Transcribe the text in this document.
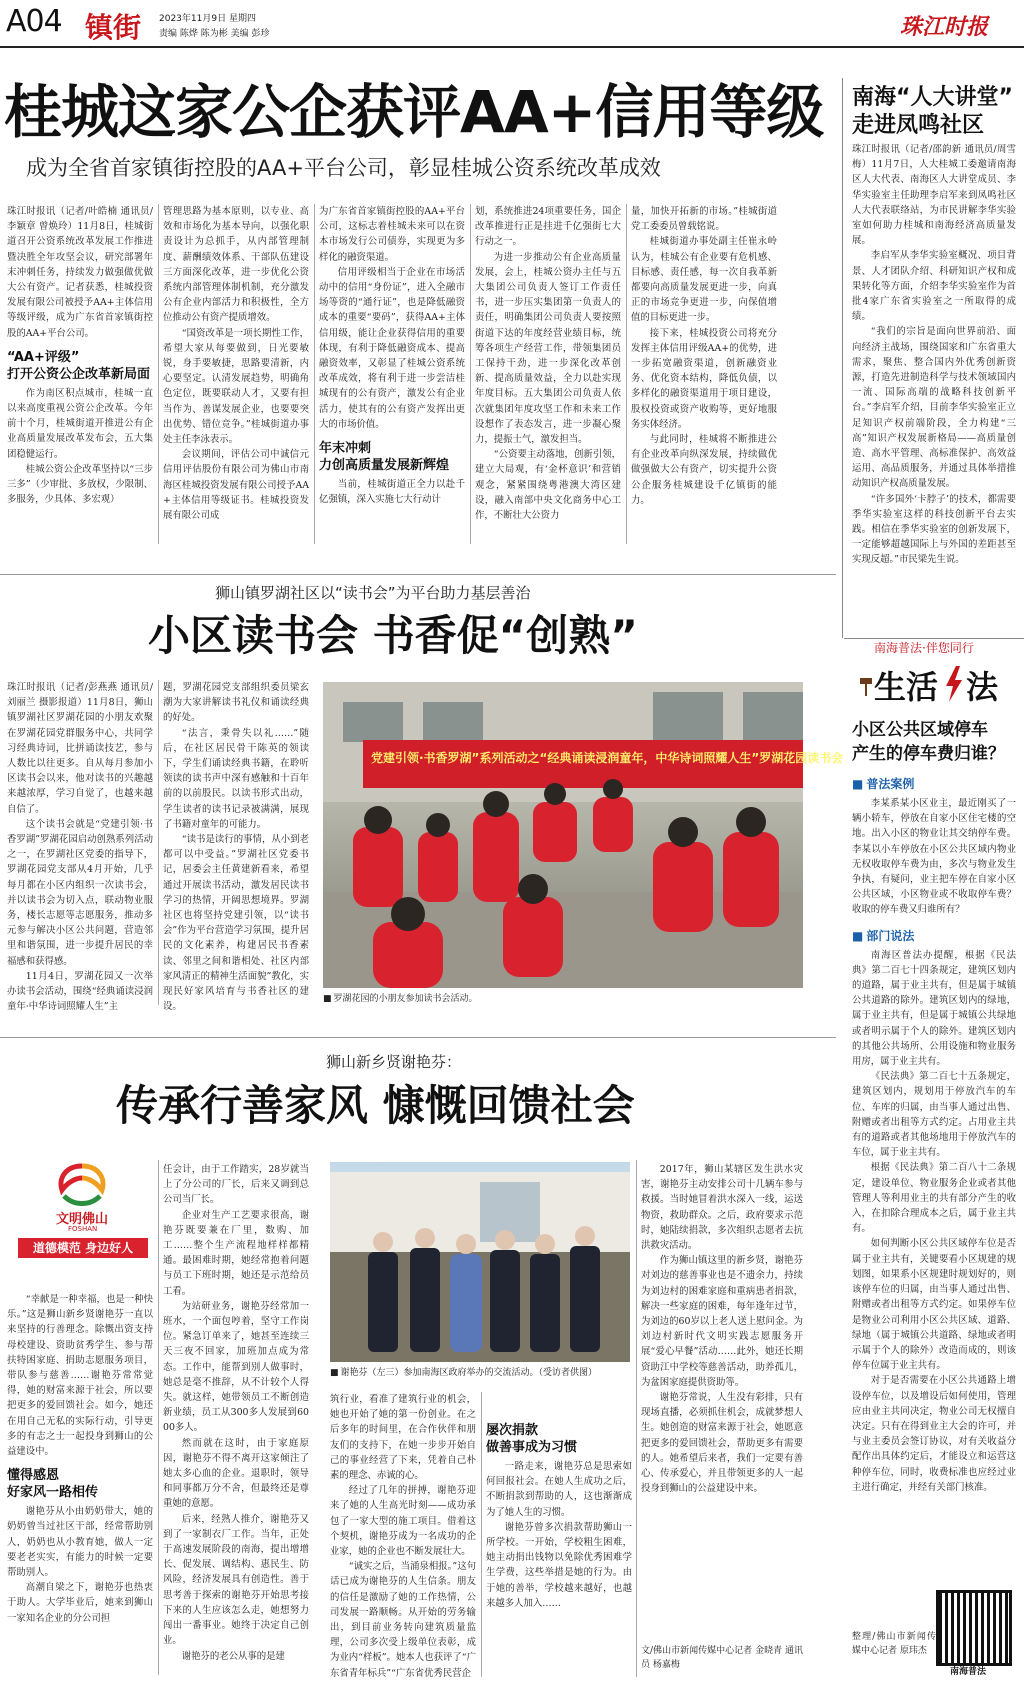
A04 镇街 2023年11月9日 星期四
责编 陈烨 陈为彬 美编 彭珍	珠江时报
桂城这家公企获评AA+信用等级
成为全省首家镇街控股的AA+平台公司，彰显桂城公资系统改革成效

珠江时报讯（记者/叶皓楠 通讯员/李颖章 曾焕玲）11月8日，桂城街道召开公资系统改革发展工作推进暨决胜全年攻坚会议，研究部署年末冲刺任务，持续发力做强做优做大公有资产。记者获悉，桂城投资发展有限公司被授予AA+主体信用等级评级，成为广东省首家镇街控股的AA+平台公司。

“AA+评级”
打开公资公企改革新局面

作为南区积点城市，桂城一直以来高度重视公资公企改革。今年前十个月，桂城街道开推进公有企业高质量发展改革发布会，五大集团稳健运行。

桂城公资公企改革坚持以“三步三多”（少审批、多放权，少限制、多服务，少具体、多宏观）

管理思路为基本原则，以专业、高效和市场化为基本导向，以强化职责设计为总抓手，从内部管理制度、薪酬绩效体系、干部队伍建设三方面深化改革，进一步优化公资系统内部管理体制机制，充分激发公有企业内部活力和积极性，全方位推动公有资产提质增效。

“国资改革是一项长期性工作，希望大家从每要做到，日光要敏锐，身手要敏捷，思路要清新，内心要坚定。认清发展趋势，明确角色定位，既要联动人才，又要有担当作为、善谋发展企业，也要要突出优势、错位竞争。”桂城街道办事处主任李泳表示。

会议期间，评估公司中诚信元信用评估股份有限公司为佛山市南海区桂城投资发展有限公司授予AA+主体信用等级证书。桂城投资发展有限公司成

为广东省首家镇街控股的AA+平台公司，这标志着桂城未来可以在资本市场发行公司债券，实现更为多样化的融资渠道。

信用评级相当于企业在市场活动中的信用“身份证”，进入全融市场等资的“通行证”，也是降低融资成本的重要“要码”，获得AA+主体信用级，能让企业获得信用的重要体现，有利于降低融资成本、提高融资效率，又彰显了桂城公资系统改革成效，将有利于进一步尝洁桂城现有的公有资产，激发公有企业活力，使其有的公有资产发挥出更大的市场价值。

年末冲刺
力创高质量发展新辉煌

当前，桂城街道正全力以赴千亿强镇，深入实施七大行动计

划，系统推进24项重要任务，国企改革推进行正是挂进千亿强街七大行动之一。

为进一步推动公有企业高质量发展，会上，桂城公资办主任与五大集团公司负责人签订工作责任书，进一步压实集团第一负责人的责任，明确集团公司负责人要按照街道下达的年度经营业绩目标，统筹各项生产经营工作，带领集团员工保持干劲，进一步深化改革创新、提高质量效益，全力以赴实现年度目标。五大集团公司负责人依次就集团年度攻坚工作和未来工作设想作了表态发言，进一步凝心聚力，提振士气，激发担当。

“公资要主动落地，创新引领，建立大局观，有‘金杯意识’和营销观念，紧紧围绕粤港澳大湾区建设，融入南部中央文化商务中心工作，不断壮大公资力

量，加快开拓新的市场。”桂城街道党工委委员曾载铭说。

桂城街道办事处副主任崔永岭认为，桂城公有企业要有危机感、目标感、责任感，每一次自我革新都要向高质量发展更进一步，向真正的市场竞争更进一步，向保值增值的目标更进一步。

接下来，桂城投资公司将充分发挥主体信用评级AA+的优势，进一步拓宽融资渠道，创新融资业务、优化资本结构，降低负债，以多样化的融资渠道用于项目建设，股权投资或资产收购等，更好地服务实体经济。

与此同时，桂城将不断推进公有企业改革向纵深发展，持续做优做强做大公有资产，切实提升公资公企服务桂城建设千亿镇街的能力。

南海“人大讲堂”
走进凤鸣社区

珠江时报讯（记者/邵韵新 通讯员/周雪梅）11月7日，人大桂城工委邀请南海区人大代表、南海区人大讲堂成员、李华实验室主任助理李启军来到凤鸣社区人大代表联络站，为市民讲解李华实验室如何助力桂城和南海经济高质量发展。

李启军从李华实验室概况、项目背景、人才团队介绍、科研知识产权和成果转化等方面，介绍李华实验室作为首批4家广东省实验室之一所取得的成绩。

“我们的宗旨是面向世界前沿、面向经济主战场，围绕国家和广东省重大需求，聚焦、整合国内外优秀创新资源，打造先进制造科学与技术领域国内一流、国际高端的战略科技创新平台。”李启军介绍，目前李华实验室正立足知识产权前端阶段，全力构建“三高”知识产权发展新格局——高质量创造、高水平管理、高标准保护、高效益运用、高品质服务，并通过具体举措推动知识产权高质量发展。

“许多国外‘卡脖子’的技术，都需要季华实验室这样的科技创新平台去实践。相信在季华实验室的创新发展下，一定能够超越国际上与外国的差距甚至实现反超。”市民梁先生说。

狮山镇罗湖社区以“读书会”为平台助力基层善治
小区读书会 书香促“创熟”

珠江时报讯（记者/彭燕燕 通讯员/刘丽兰 摄影报道）11月8日，狮山镇罗湖社区罗湖花园的小朋友欢聚在罗湖花园党群服务中心，共同学习经典诗词，比拼诵读技艺，参与人数比以往更多。自从每月参加小区读书会以来，他对读书的兴趣越来越浓厚，学习自觉了，也越来越自信了。

这个读书会就是“党建引领·书香罗湖”罗湖花园启动创熟系列活动之一，在罗湖社区党委的指导下，罗湖花园党支部从4月开始，几乎每月都在小区内组织一次读书会，并以读书会为切入点，联动物业服务，楼长志愿等志愿服务，推动多元参与解决小区公共问题，营造邻里和谐氛围，进一步提升居民的幸福感和获得感。

11月4日，罗湖花园又一次举办读书会活动，围绕“经典诵读浸润童年·中华诗词照耀人生”主

题，罗湖花园党支部组织委员梁玄潮为大家讲解读书礼仪和诵读经典的好处。

“法言，秉骨失以礼……”随后，在社区居民骨干陈英的领读下，学生们诵读经典书籍，在聆听领读的读书声中深有感触和十百年前的以前股民。以读书形式出动，学生读者的读书记录被满满，展现了书籍对童年的可能力。

“读书是读行的事情，从小到老都可以中受益。”罗湖社区党委书记，居委会主任黄建新看来，希望通过开展读书活动，激发居民读书学习的热情，开阔思想境界。罗湖社区也将坚持党建引领，以“读书会”作为平台营造学习氛围，提升居民的文化素养，构建居民书香素读、邻里之间和谐相处、社区内部家风清正的精神生活面貌”教化，实现民好家风培育与书香社区的建设。

党建引领·书香罗湖”系列活动之“经典诵读浸润童年，中华诗词照耀人生”罗湖花园读书会
■ 罗湖花园的小朋友参加读书会活动。
南海普法·伴您同行
生活 法
小区公共区域停车
产生的停车费归谁？
■ 普法案例

李某系某小区业主，最近刚买了一辆小轿车，停放在自家小区住宅楼的空地。出入小区的物业让其交纳停车费。李某以小车停放在小区公共区域内物业无权收取停车费为由，多次与物业发生争执，有疑问，业主把车停在自家小区公共区域，小区物业或不收取停车费？收取的停车费又归谁所有？

■ 部门说法

南海区普法办提醒，根据《民法典》第二百七十四条规定，建筑区划内的道路，属于业主共有，但是属于城镇公共道路的除外。建筑区划内的绿地，属于业主共有，但是属于城镇公共绿地或者明示属于个人的除外。建筑区划内的其他公共场所、公用设施和物业服务用房，属于业主共有。

《民法典》第二百七十五条规定，建筑区划内，规划用于停放汽车的车位、车库的归属，由当事人通过出售、附赠或者出租等方式约定。占用业主共有的道路或者其他场地用于停放汽车的车位，属于业主共有。

根据《民法典》第二百八十二条规定，建设单位、物业服务企业或者其他管理人等利用业主的共有部分产生的收入，在扣除合理成本之后，属于业主共有。

如何判断小区公共区域停车位是否属于业主共有，关键要看小区规建的规划图，如果系小区规建时规划好的，则该停车位的归属，由当事人通过出售、附赠或者出租等方式约定。如果停车位是物业公司利用小区公共区域、道路、绿地（属于城镇公共道路、绿地或者明示属于个人的除外）改造而成的，则该停车位属于业主共有。

对于是否需要在小区公共通路上增设停车位，以及增设后如何使用，管理应由业主共同决定，物业公司无权擅自决定。只有在得到业主大会的许可，并与业主委员会签订协议，对有关收益分配作出具体约定后，才能设立和运营这种停车位，同时，收费标准也应经过业主进行确定，并经有关部门核准。

整理/佛山市新闻传媒中心记者 原玮杰
南海普法
狮山新乡贤谢艳芬：
传承行善家风 慷慨回馈社会
文明佛山
FOSHAN
道德模范 身边好人

“幸献是一种幸福，也是一种快乐。”这是狮山新乡贤谢艳芬一直以来坚持的行善理念。除慨出资支持母校建设、资助贫秀学生、参与帮扶特困家庭、捐助志愿服务项目，带队参与慈善……谢艳芬常常觉得，她的财富来源于社会，所以要把更多的爱回馈社会。如今，她还在用自己无私的实际行动，引导更多的有志之士一起投身到狮山的公益建设中。

懂得感恩
好家风一路相传

谢艳芬从小由奶奶带大，她的奶奶曾当过社区干部，经常帮助别人，奶奶也从小教育她，做人一定要老老实实，有能力的时候一定要帮助别人。

高潮自梁之下，谢艳芬也热衷于助人。大学毕业后，她来到狮山一家知名企业的分公司担

任会计，由于工作踏实，28岁就当上了分公司的厂长，后来又调到总公司当厂长。

企业对生产工艺要求很高，谢艳芬既要兼在厂里，数购、加工……整个生产流程地样样都精通。最困难时期，她经常抱着问题与员工下班时期，她还是示范给员工看。

为站研业务，谢艳芬经常加一班水，一个面包哼着，坚守工作岗位。紧急订单来了，她甚至连续三天三夜不回家，加班加点成为常态。工作中，能帮到别人做事时，她总是毫不推辞，从不计较个人得失。就这样，她带领员工不断创造新业绩，员工从300多人发展到6000多人。

然而就在这时，由于家庭原因，谢艳芬不得不离开这家倾注了她太多心血的企业。退职时，领导和同事都万分不舍，但最终还是尊重她的意愿。

后来，经熟人推介，谢艳芬又到了一家制衣厂工作。当年，正处于高速发展阶段的南海，提出增增长、促发展、调结构、惠民生、防风险，经济发展具有创造性。善于思考善于探索的谢艳芬开始思考接下来的人生应该怎么走，她想努力闯出一番事业。她终于决定自己创业。

谢艳芬的老公从事的是建

■ 谢艳芬（左三）参加南海区政府举办的交流活动。（受访者供图）

筑行业，看准了建筑行业的机会，她也开始了她的第一份创业。在之后多年的时间里，在合作伙伴和朋友们的支持下，在她一步步开始自己的事业经营了下来，凭着自己朴素的理念、赤诚的心。

经过了几年的拼搏，谢艳芬迎来了她的人生高光时刻——成功承包了一家大型的施工项目。借着这个契机，谢艳芬成为一名成功的企业家，她的企业也不断发展壮大。

“诚实之后，当涌泉相报。”这句话已成为谢艳芬的人生信条。朋友的信任是激励了她的工作热情，公司发展一路顺畅。从开始的劳务输出，到目前业务转向建筑质量监理，公司多次受上级单位表彰，成为业内“样板”。她本人也获评了“广东省青年标兵”“广东省优秀民营企

屡次捐款
做善事成为习惯

一路走来，谢艳芬总是思索如何回报社会。在她人生成功之后，不断捐款到帮助的人，这也渐渐成为了她人生的习惯。

谢艳芬曾多次捐款帮助狮山一所学校。一开始，学校粗生困难，她主动捐出钱物以免除优秀困难学生学费，这些举措是她的行为。由于她的善举，学校越来越好，也越来越多人加入……

2017年，狮山某辖区发生洪水灾害，谢艳芬主动安排公司十几辆车参与救援。当时她冒着洪水深入一线，运送物资，救助群众。之后，政府要求示范时，她陆续捐款，多次组织志愿者去抗洪救灾活动。

作为狮山镇这里的新乡贤，谢艳芬对刘边的慈善事业也是不遗余力，持续为刘边村的困难家庭和重病患者捐款，解决一些家庭的困难，每年逢年过节，为刘边的60岁以上老人送上慰问金。为刘边村新时代文明实践志愿服务开展“爱心早餐”活动……此外，她还长期资助江中学校等慈善活动，助养孤儿，为盆困家庭提供资助等。

谢艳芬常说，人生没有彩排，只有现场直播，必须抓住机会，成就梦想人生。她创造的财富来源于社会，她愿意把更多的爱回馈社会，帮助更多有需要的人。她希望后来者，我们一定要有善心、传承爱心，并且带领更多的人一起投身到狮山的公益建设中来。

文/佛山市新闻传媒中心记者 金晓青 通讯员 杨嘉梅
